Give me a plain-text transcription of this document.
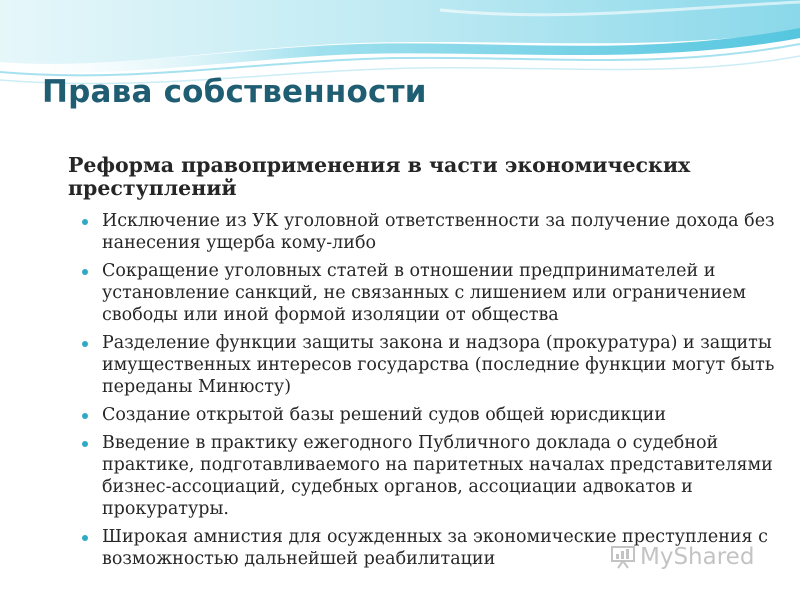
Права собственности
Реформа правоприменения в части экономических преступлений
Исключение из УК уголовной ответственности за получение дохода без нанесения ущерба кому-либо
Сокращение уголовных статей в отношении предпринимателей и установление санкций, не связанных с лишением или ограничением свободы или иной формой изоляции от общества
Разделение функции защиты закона и надзора (прокуратура) и защиты имущественных интересов государства (последние функции могут быть переданы Минюсту)
Создание открытой базы решений судов общей юрисдикции
Введение в практику ежегодного Публичного доклада о судебной практике, подготавливаемого на паритетных началах представителями бизнес-ассоциаций, судебных органов, ассоциации адвокатов и прокуратуры.
Широкая амнистия для осужденных за экономические преступления с возможностью дальнейшей реабилитации	MyShared
